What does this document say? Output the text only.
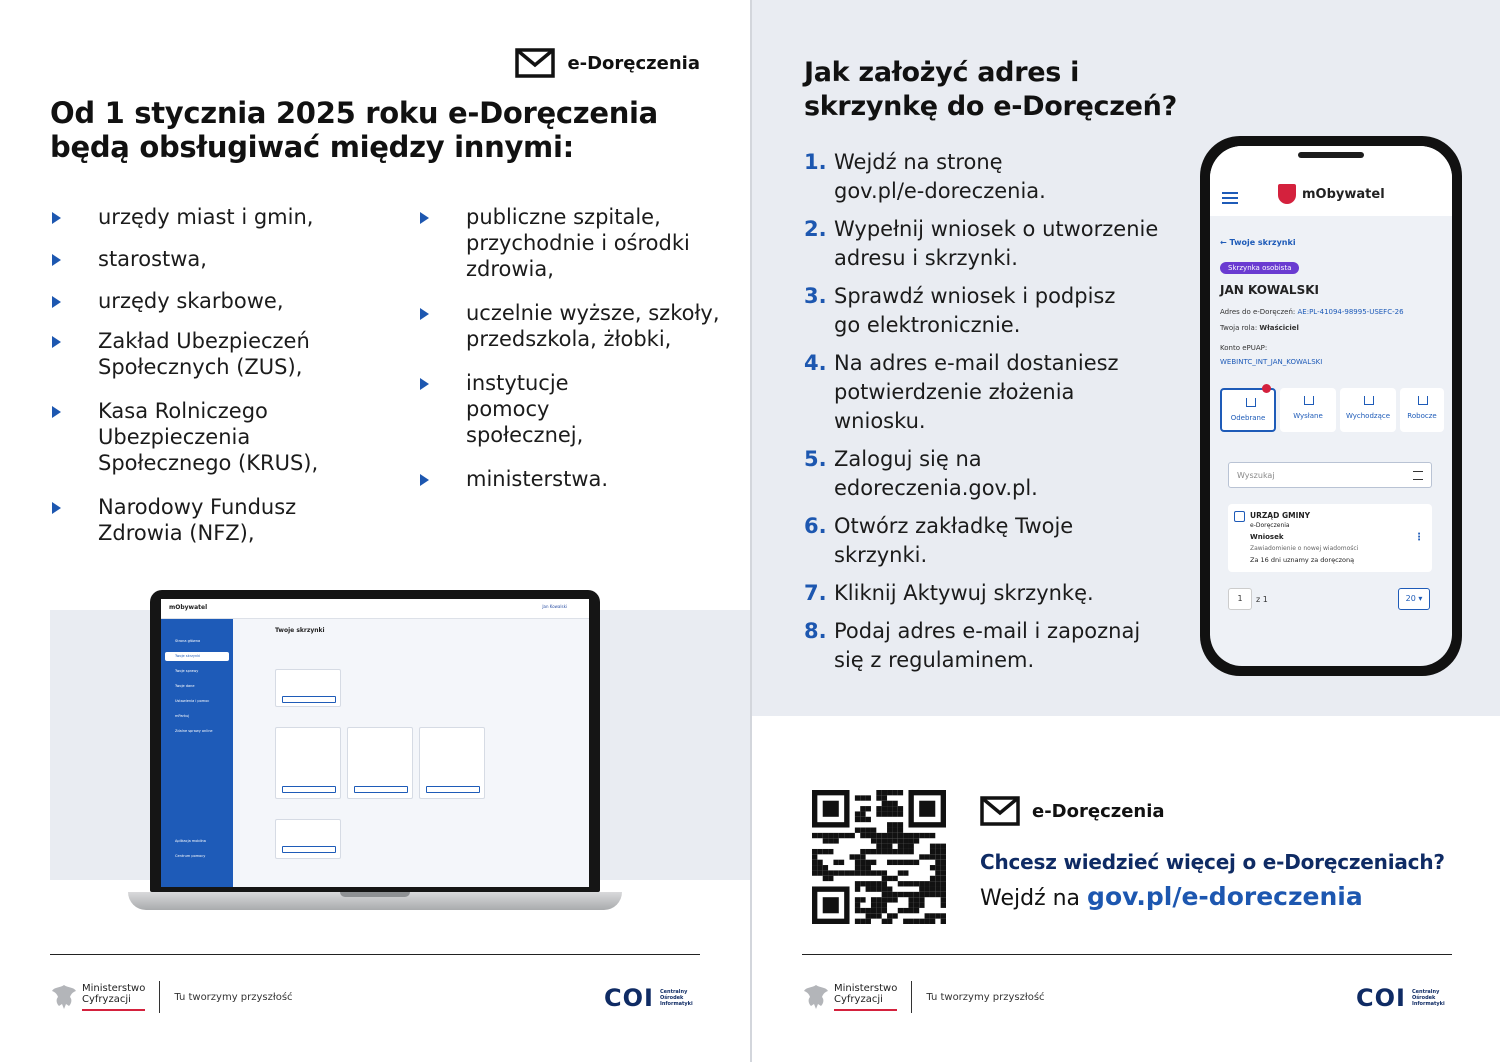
e-Doręczenia
Od 1 stycznia 2025 roku e-Doręczenia będą obsługiwać między innymi:
urzędy miast i gmin,
starostwa,
urzędy skarbowe,
Zakład Ubezpieczeń Społecznych (ZUS),
Kasa Rolniczego Ubezpieczenia Społecznego (KRUS),
Narodowy Fundusz Zdrowia (NFZ),
publiczne szpitale, przychodnie i ośrodki zdrowia,
uczelnie wyższe, szkoły, przedszkola, żłobki,
instytucje pomocy społecznej,
ministerstwa.
mObywatel	Jan Kowalski
Strona główna
Twoje skrzynki
Twoje sprawy
Twoje dane
Ustawienia i pomoc
mParkuj
Zdalne sprawy online
Aplikacja mobilna
Centrum pomocy
Twoje skrzynki
Ministerstwo
Cyfryzacji	Tu tworzymy przyszłość	COI Centralny
Ośrodek
Informatyki
Jak założyć adres i skrzynkę do e-Doręczeń?
1. Wejdź na stronę gov.pl/e-doreczenia.
2. Wypełnij wniosek o utworzenie adresu i skrzynki.
3. Sprawdź wniosek i podpisz go elektronicznie.
4. Na adres e-mail dostaniesz potwierdzenie złożenia wniosku.
5. Zaloguj się na edoreczenia.gov.pl.
6. Otwórz zakładkę Twoje skrzynki.
7. Kliknij Aktywuj skrzynkę.
8. Podaj adres e-mail i zapoznaj się z regulaminem.
mObywatel
← Twoje skrzynki
Skrzynka osobista
JAN KOWALSKI
Adres do e-Doręczeń: AE:PL-41094-98995-USEFC-26
Twoja rola: Właściciel
Konto ePUAP:
WEBINTC_INT_JAN_KOWALSKI
Odebrane	Wysłane	Wychodzące	Robocze
Wyszukaj
URZĄD GMINY
e-Doręczenia
Wniosek
Zawiadomienie o nowej wiadomości
Za 16 dni uznamy za doręczoną
⋮
1	z 1	20 ▾
e-Doręczenia
Chcesz wiedzieć więcej o e-Doręczeniach?
Wejdź na gov.pl/e-doreczenia
Ministerstwo
Cyfryzacji	Tu tworzymy przyszłość	COI Centralny
Ośrodek
Informatyki
